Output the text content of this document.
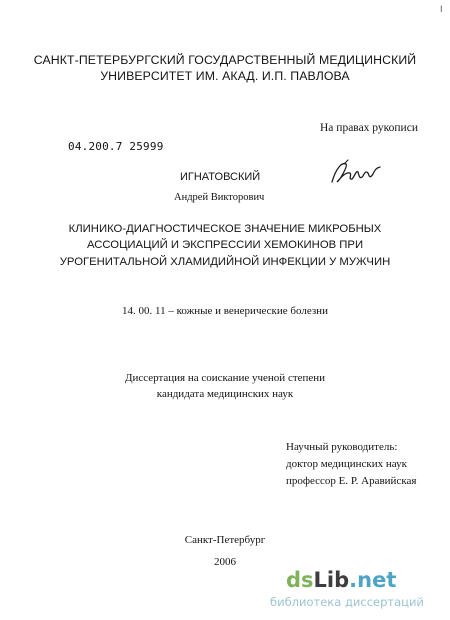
I
САНКТ-ПЕТЕРБУРГСКИЙ ГОСУДАРСТВЕННЫЙ МЕДИЦИНСКИЙ
УНИВЕРСИТЕТ ИМ. АКАД. И.П. ПАВЛОВА
На правах рукописи
04.200.7 25999
ИГНАТОВСКИЙ
Андрей Викторович
КЛИНИКО-ДИАГНОСТИЧЕСКОЕ ЗНАЧЕНИЕ МИКРОБНЫХ
АССОЦИАЦИЙ И ЭКСПРЕССИИ ХЕМОКИНОВ ПРИ
УРОГЕНИТАЛЬНОЙ ХЛАМИДИЙНОЙ ИНФЕКЦИИ У МУЖЧИН
14. 00. 11 – кожные и венерические болезни
Диссертация на соискание ученой степени
кандидата медицинских наук
Научный руководитель:
доктор медицинских наук
профессор Е. Р. Аравийская
Санкт-Петербург
2006
dsLib.net
библиотека диссертаций
